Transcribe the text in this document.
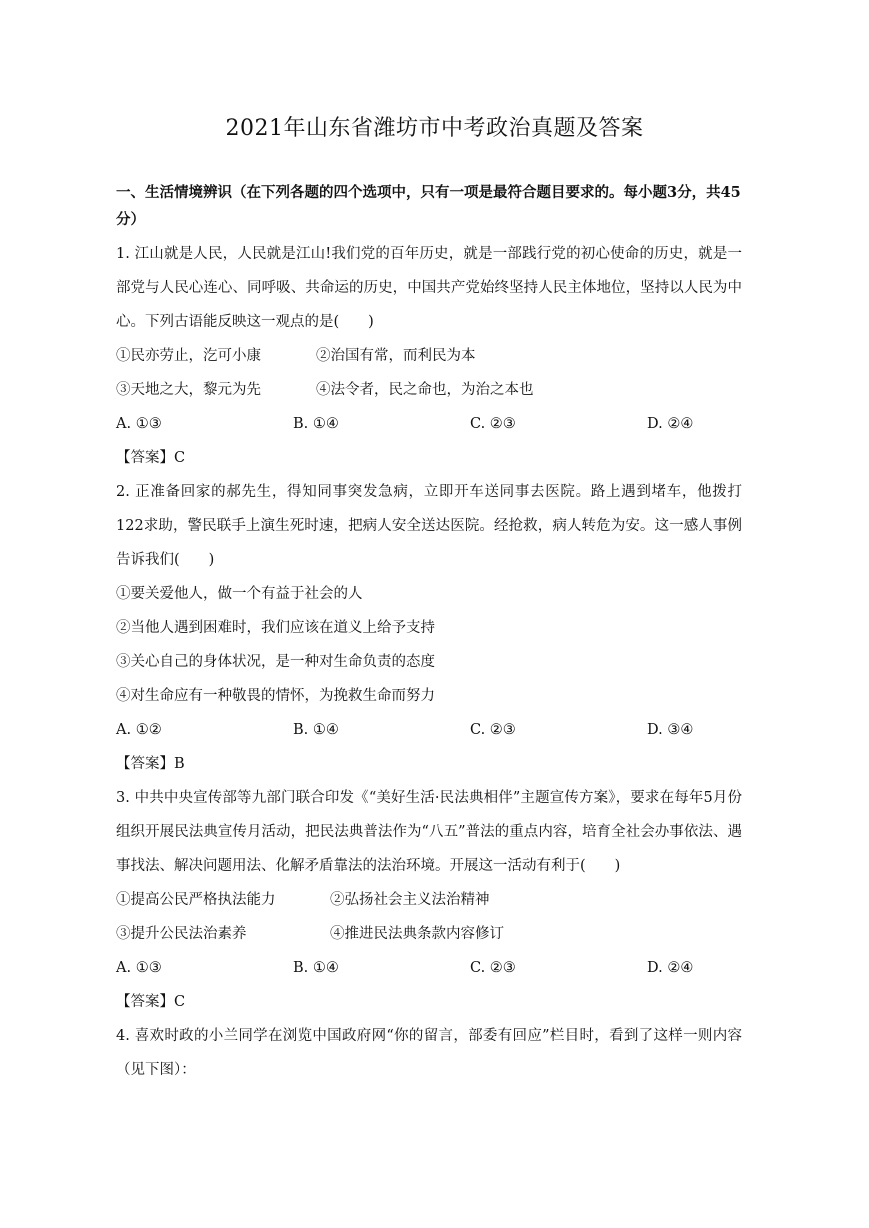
2021年山东省潍坊市中考政治真题及答案
一、生活情境辨识（在下列各题的四个选项中，只有一项是最符合题目要求的。每小题3分，共45分）
1. 江山就是人民，人民就是江山!我们党的百年历史，就是一部践行党的初心使命的历史，就是一部党与人民心连心、同呼吸、共命运的历史，中国共产党始终坚持人民主体地位，坚持以人民为中心。下列古语能反映这一观点的是(　　)
①民亦劳止，汔可小康	②治国有常，而利民为本
③天地之大，黎元为先	④法令者，民之命也，为治之本也
A. ①③	B. ①④	C. ②③	D. ②④
【答案】C
2. 正准备回家的郝先生，得知同事突发急病，立即开车送同事去医院。路上遇到堵车，他拨打122求助，警民联手上演生死时速，把病人安全送达医院。经抢救，病人转危为安。这一感人事例告诉我们(　　)
①要关爱他人，做一个有益于社会的人
②当他人遇到困难时，我们应该在道义上给予支持
③关心自己的身体状况，是一种对生命负责的态度
④对生命应有一种敬畏的情怀，为挽救生命而努力
A. ①②	B. ①④	C. ②③	D. ③④
【答案】B
3. 中共中央宣传部等九部门联合印发《“美好生活·民法典相伴”主题宣传方案》，要求在每年5月份组织开展民法典宣传月活动，把民法典普法作为“八五”普法的重点内容，培育全社会办事依法、遇事找法、解决问题用法、化解矛盾靠法的法治环境。开展这一活动有利于(　　)
①提高公民严格执法能力	②弘扬社会主义法治精神
③提升公民法治素养	④推进民法典条款内容修订
A. ①③	B. ①④	C. ②③	D. ②④
【答案】C
4. 喜欢时政的小兰同学在浏览中国政府网“你的留言，部委有回应”栏目时，看到了这样一则内容（见下图）：
